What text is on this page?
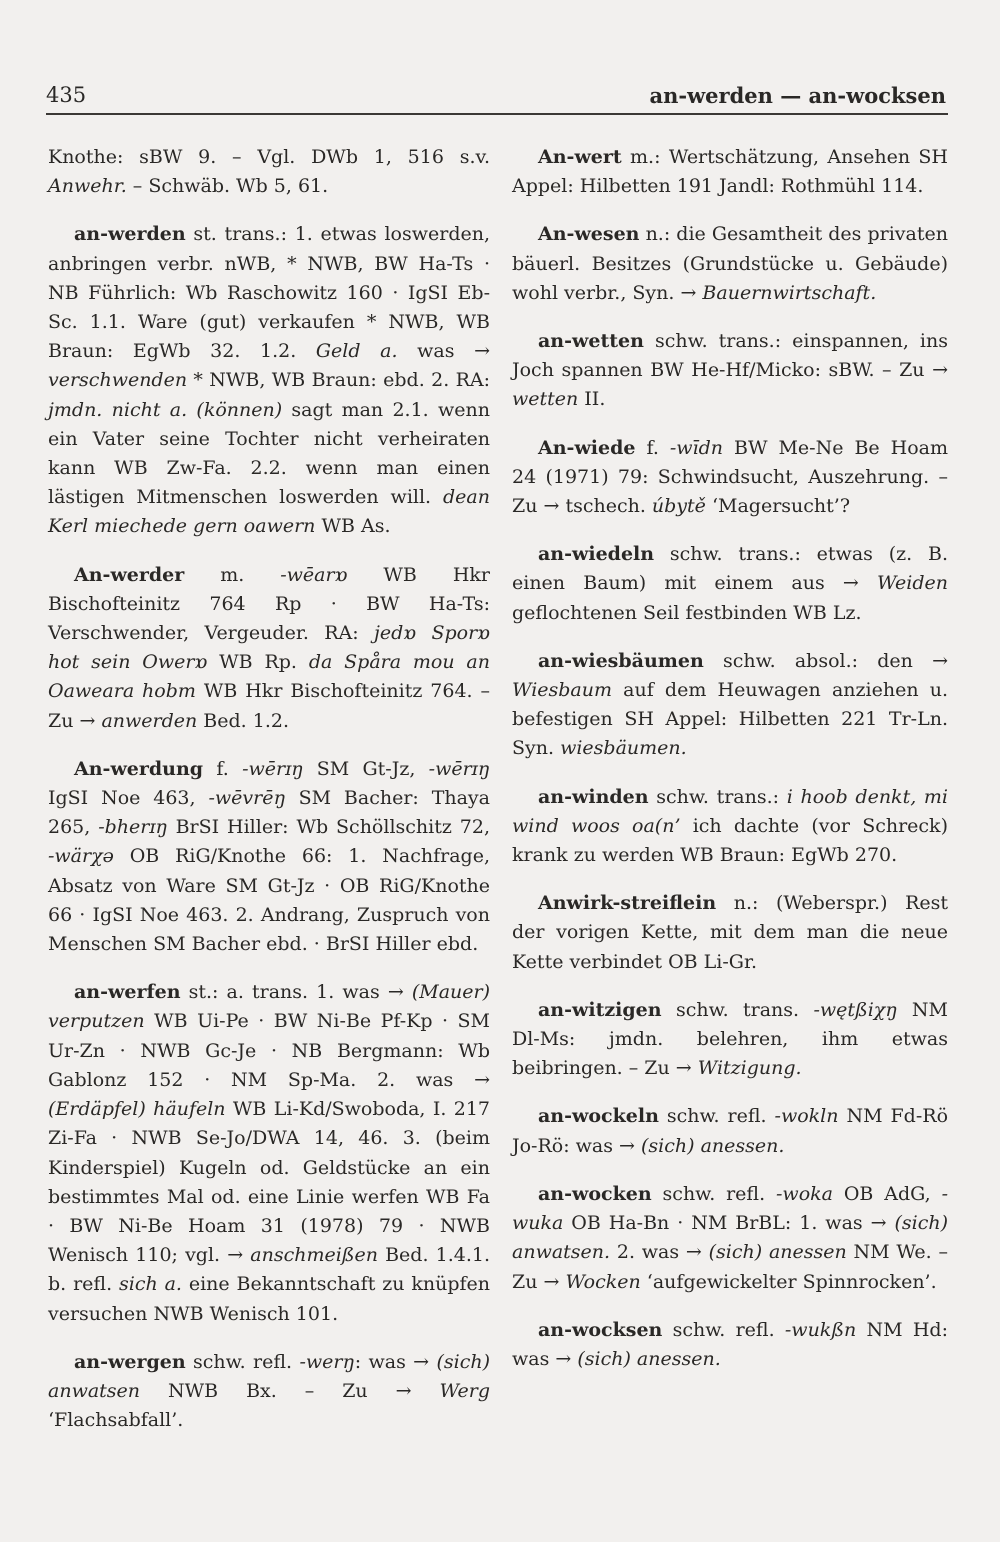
435	an-werden — an-wocksen

Knothe: sBW 9. – Vgl. DWb 1, 516 s.v. Anwehr. – Schwäb. Wb 5, 61.

an-werden st. trans.: 1. etwas loswerden, anbringen verbr. nWB, * NWB, BW Ha-Ts · NB Führlich: Wb Raschowitz 160 · IgSI Eb-Sc. 1.1. Ware (gut) verkaufen * NWB, WB Braun: EgWb 32. 1.2. Geld a. was → verschwenden * NWB, WB Braun: ebd. 2. RA: jmdn. nicht a. (können) sagt man 2.1. wenn ein Vater seine Tochter nicht verheiraten kann WB Zw-Fa. 2.2. wenn man einen lästigen Mitmenschen loswerden will. dean Kerl miechede gern oawern WB As.

An-werder m. -wēarɒ WB Hkr Bischofteinitz 764 Rp · BW Ha-Ts: Verschwender, Vergeuder. RA: jedɒ Sporɒ hot sein Owerɒ WB Rp. da Spåra mou an Oaweara hobm WB Hkr Bischofteinitz 764. – Zu → anwerden Bed. 1.2.

An-werdung f. -wērɪŋ SM Gt-Jz, -wērɪŋ IgSI Noe 463, -wēvrēŋ SM Bacher: Thaya 265, -bherɪŋ BrSI Hiller: Wb Schöllschitz 72, -wärχə OB RiG/Knothe 66: 1. Nachfrage, Absatz von Ware SM Gt-Jz · OB RiG/Knothe 66 · IgSI Noe 463. 2. Andrang, Zuspruch von Menschen SM Bacher ebd. · BrSI Hiller ebd.

an-werfen st.: a. trans. 1. was → (Mauer) verputzen WB Ui-Pe · BW Ni-Be Pf-Kp · SM Ur-Zn · NWB Gc-Je · NB Bergmann: Wb Gablonz 152 · NM Sp-Ma. 2. was → (Erdäpfel) häufeln WB Li-Kd/Swoboda, I. 217 Zi-Fa · NWB Se-Jo/DWA 14, 46. 3. (beim Kinderspiel) Kugeln od. Geldstücke an ein bestimmtes Mal od. eine Linie werfen WB Fa · BW Ni-Be Hoam 31 (1978) 79 · NWB Wenisch 110; vgl. → anschmeißen Bed. 1.4.1. b. refl. sich a. eine Bekanntschaft zu knüpfen versuchen NWB Wenisch 101.

an-wergen schw. refl. -werŋ: was → (sich) anwatsen NWB Bx. – Zu → Werg ‘Flachsabfall’.

An-wert m.: Wertschätzung, Ansehen SH Appel: Hilbetten 191 Jandl: Rothmühl 114.

An-wesen n.: die Gesamtheit des privaten bäuerl. Besitzes (Grundstücke u. Gebäude) wohl verbr., Syn. → Bauernwirtschaft.

an-wetten schw. trans.: einspannen, ins Joch spannen BW He-Hf/Micko: sBW. – Zu → wetten II.

An-wiede f. -wīdn BW Me-Ne Be Hoam 24 (1971) 79: Schwindsucht, Auszehrung. – Zu → tschech. úbytě ‘Magersucht’?

an-wiedeln schw. trans.: etwas (z. B. einen Baum) mit einem aus → Weiden geflochtenen Seil festbinden WB Lz.

an-wiesbäumen schw. absol.: den → Wiesbaum auf dem Heuwagen anziehen u. befestigen SH Appel: Hilbetten 221 Tr-Ln. Syn. wiesbäumen.

an-winden schw. trans.: i hoob denkt, mi wind woos oa(n’ ich dachte (vor Schreck) krank zu werden WB Braun: EgWb 270.

Anwirk-streiflein n.: (Weberspr.) Rest der vorigen Kette, mit dem man die neue Kette verbindet OB Li-Gr.

an-witzigen schw. trans. -wętßiχŋ NM Dl-Ms: jmdn. belehren, ihm etwas beibringen. – Zu → Witzigung.

an-wockeln schw. refl. -wokln NM Fd-Rö Jo-Rö: was → (sich) anessen.

an-wocken schw. refl. -woka OB AdG, -wuka OB Ha-Bn · NM BrBL: 1. was → (sich) anwatsen. 2. was → (sich) anessen NM We. – Zu → Wocken ‘aufgewickelter Spinnrocken’.

an-wocksen schw. refl. -wukßn NM Hd: was → (sich) anessen.
